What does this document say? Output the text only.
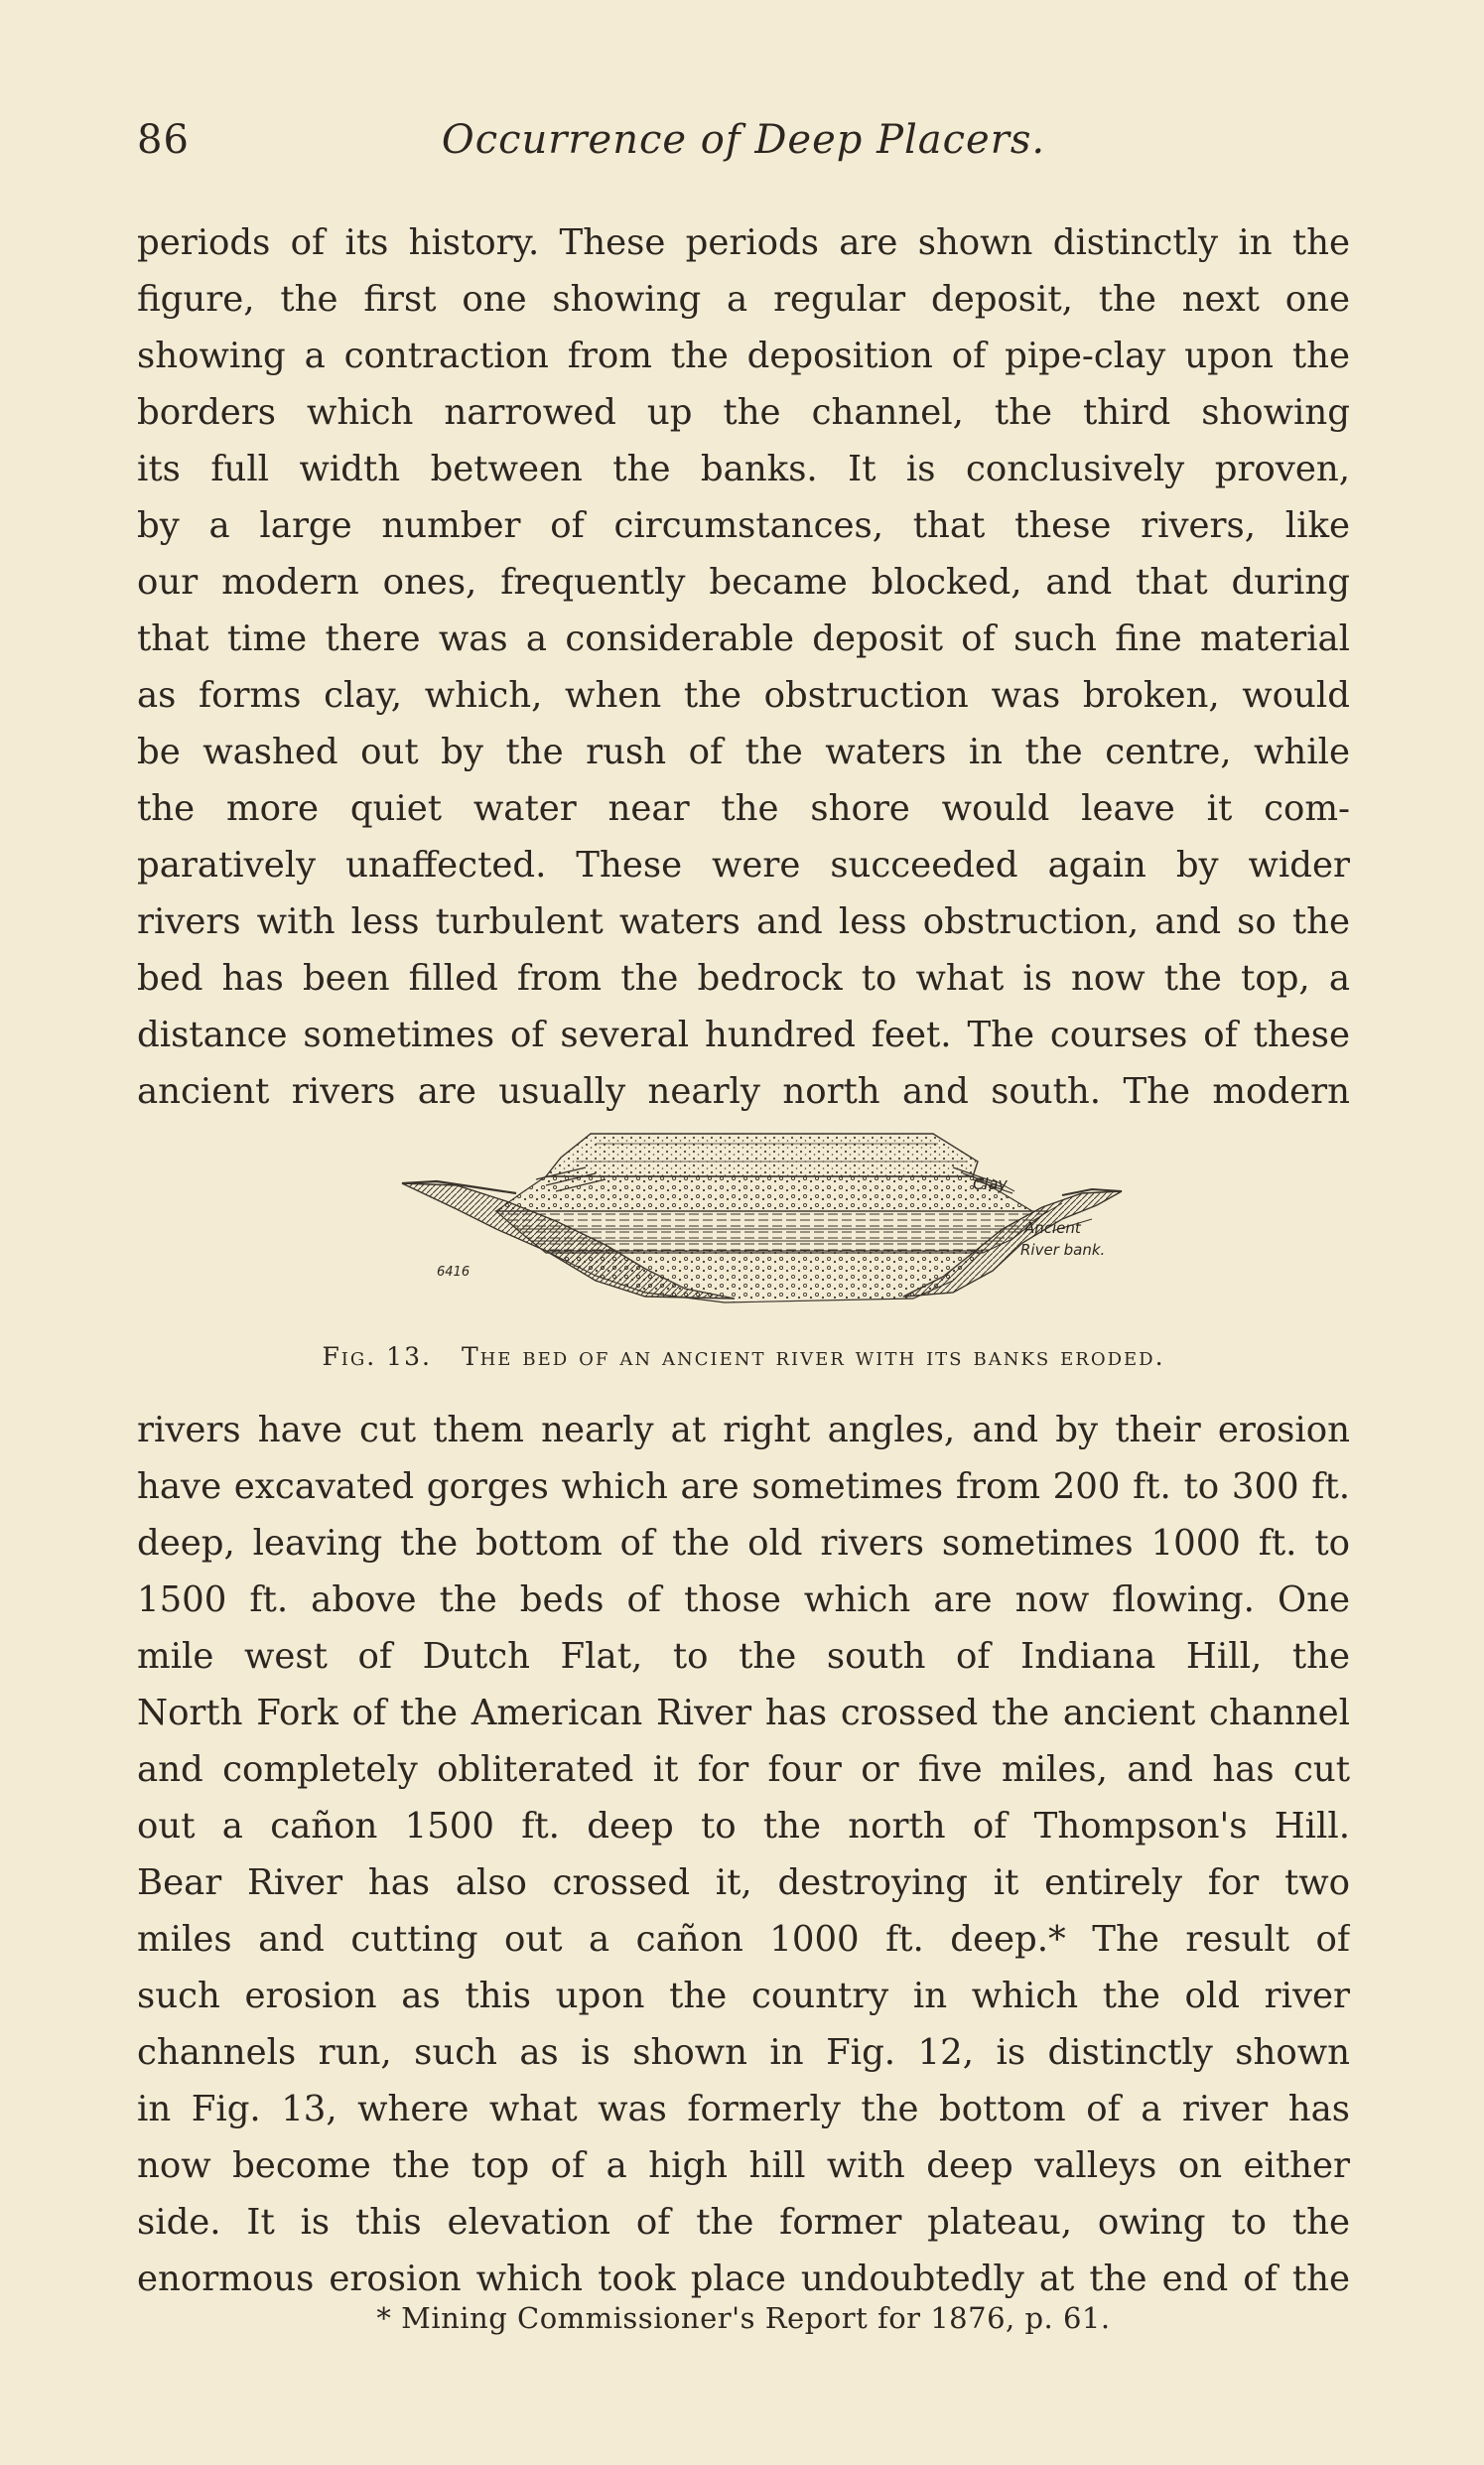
86	Occurrence of Deep Placers.
periods of its history. These periods are shown distinctly in the
figure, the first one showing a regular deposit, the next one
showing a contraction from the deposition of pipe-clay upon the
borders which narrowed up the channel, the third showing
its full width between the banks. It is conclusively proven,
by a large number of circumstances, that these rivers, like
our modern ones, frequently became blocked, and that during
that time there was a considerable deposit of such fine material
as forms clay, which, when the obstruction was broken, would
be washed out by the rush of the waters in the centre, while
the more quiet water near the shore would leave it com-
paratively unaffected. These were succeeded again by wider
rivers with less turbulent waters and less obstruction, and so the
bed has been filled from the bedrock to what is now the top, a
distance sometimes of several hundred feet. The courses of these
ancient rivers are usually nearly north and south. The modern
Clay
Ancient
River bank.
6416
Fig. 13. The bed of an ancient river with its banks eroded.
rivers have cut them nearly at right angles, and by their erosion
have excavated gorges which are sometimes from 200 ft. to 300 ft.
deep, leaving the bottom of the old rivers sometimes 1000 ft. to
1500 ft. above the beds of those which are now flowing. One
mile west of Dutch Flat, to the south of Indiana Hill, the
North Fork of the American River has crossed the ancient channel
and completely obliterated it for four or five miles, and has cut
out a cañon 1500 ft. deep to the north of Thompson's Hill.
Bear River has also crossed it, destroying it entirely for two
miles and cutting out a cañon 1000 ft. deep.* The result of
such erosion as this upon the country in which the old river
channels run, such as is shown in Fig. 12, is distinctly shown
in Fig. 13, where what was formerly the bottom of a river has
now become the top of a high hill with deep valleys on either
side. It is this elevation of the former plateau, owing to the
enormous erosion which took place undoubtedly at the end of the
* Mining Commissioner's Report for 1876, p. 61.
